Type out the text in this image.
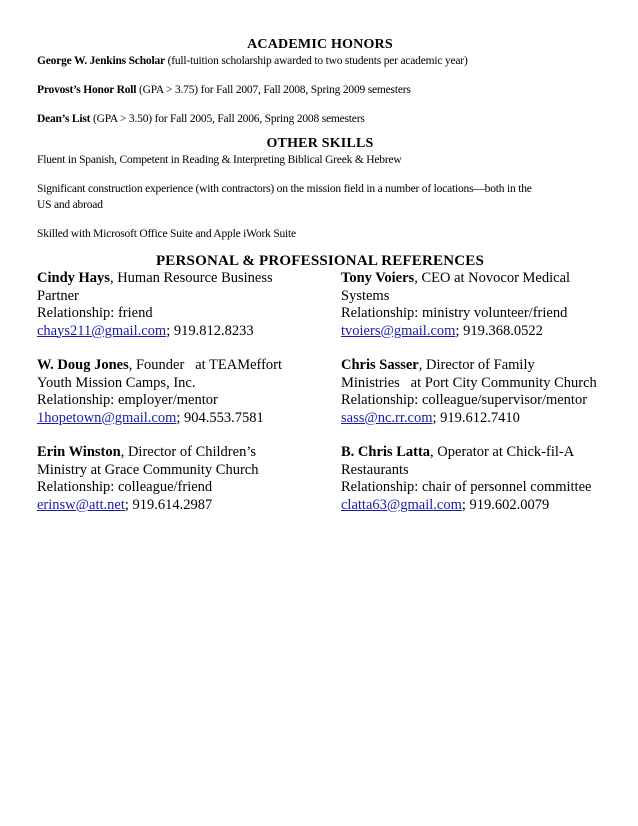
ACADEMIC HONORS

George W. Jenkins Scholar (full-tuition scholarship awarded to two students per academic year)

Provost’s Honor Roll (GPA > 3.75) for Fall 2007, Fall 2008, Spring 2009 semesters

Dean’s List (GPA > 3.50) for Fall 2005, Fall 2006, Spring 2008 semesters

OTHER SKILLS

Fluent in Spanish, Competent in Reading & Interpreting Biblical Greek & Hebrew

Significant construction experience (with contractors) on the mission field in a number of locations—both in the

US and abroad

Skilled with Microsoft Office Suite and Apple iWork Suite

PERSONAL & PROFESSIONAL REFERENCES

Cindy Hays, Human Resource Business
Partner
Relationship: friend
chays211@gmail.com; 919.812.8233
W. Doug Jones, Founder   at TEAMeffort
Youth Mission Camps, Inc.
Relationship: employer/mentor
1hopetown@gmail.com; 904.553.7581
Erin Winston, Director of Children’s
Ministry at Grace Community Church
Relationship: colleague/friend
erinsw@att.net; 919.614.2987
Tony Voiers, CEO at Novocor Medical
Systems
Relationship: ministry volunteer/friend
tvoiers@gmail.com; 919.368.0522
Chris Sasser, Director of Family
Ministries   at Port City Community Church
Relationship: colleague/supervisor/mentor
sass@nc.rr.com; 919.612.7410
B. Chris Latta, Operator at Chick-fil-A
Restaurants
Relationship: chair of personnel committee
clatta63@gmail.com; 919.602.0079
